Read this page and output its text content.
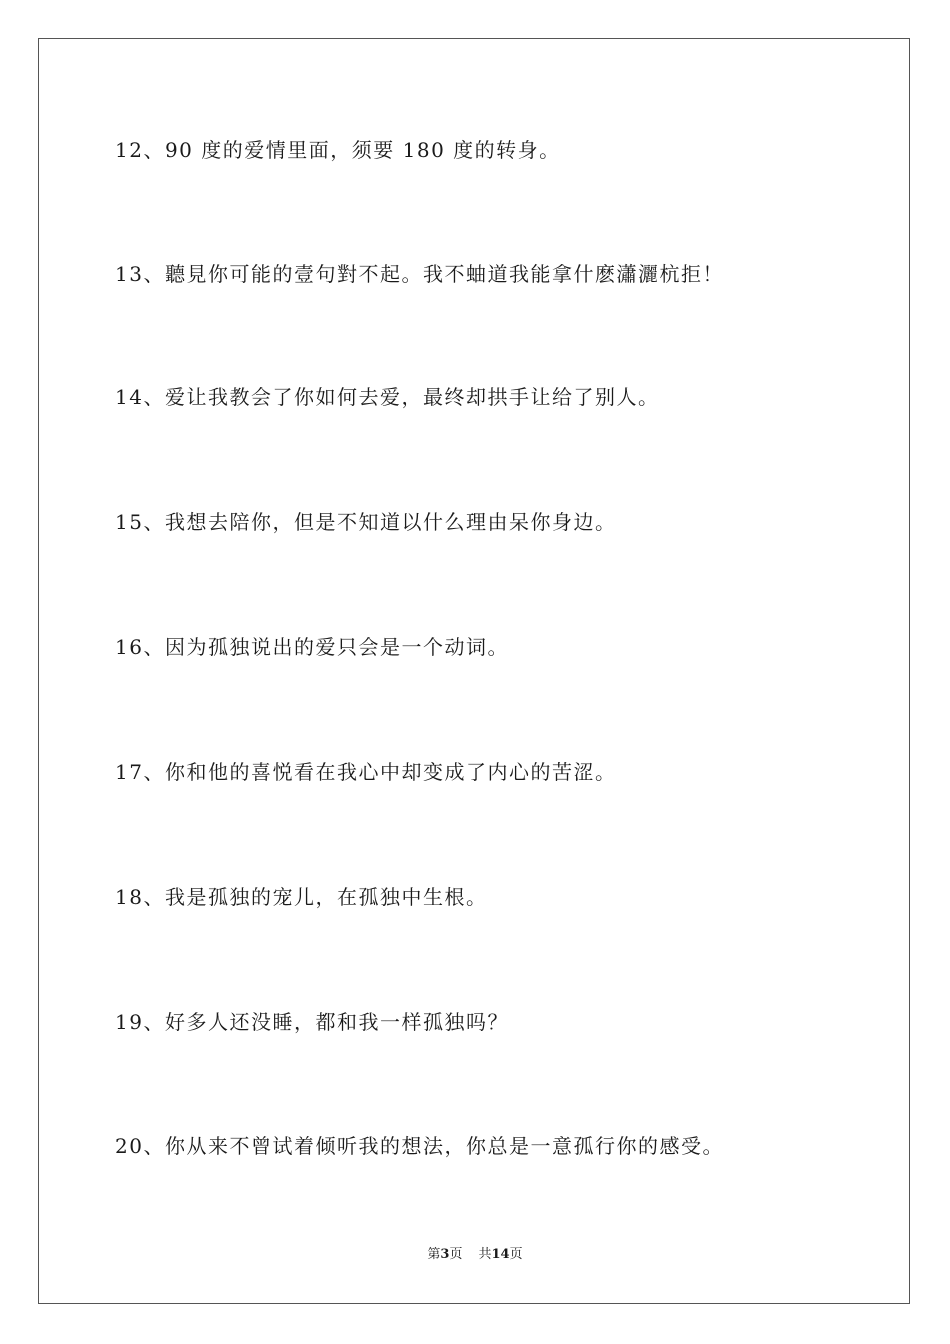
12、90 度的爱情里面，须要 180 度的转身。
13、聽見你可能的壹句對不起。我不蚰道我能拿什麽瀟灑杭拒！
14、爱让我教会了你如何去爱，最终却拱手让给了别人。
15、我想去陪你，但是不知道以什么理由呆你身边。
16、因为孤独说出的爱只会是一个动词。
17、你和他的喜悦看在我心中却变成了内心的苦涩。
18、我是孤独的宠儿，在孤独中生根。
19、好多人还没睡，都和我一样孤独吗？
20、你从来不曾试着倾听我的想法，你总是一意孤行你的感受。
第3页 共14页
